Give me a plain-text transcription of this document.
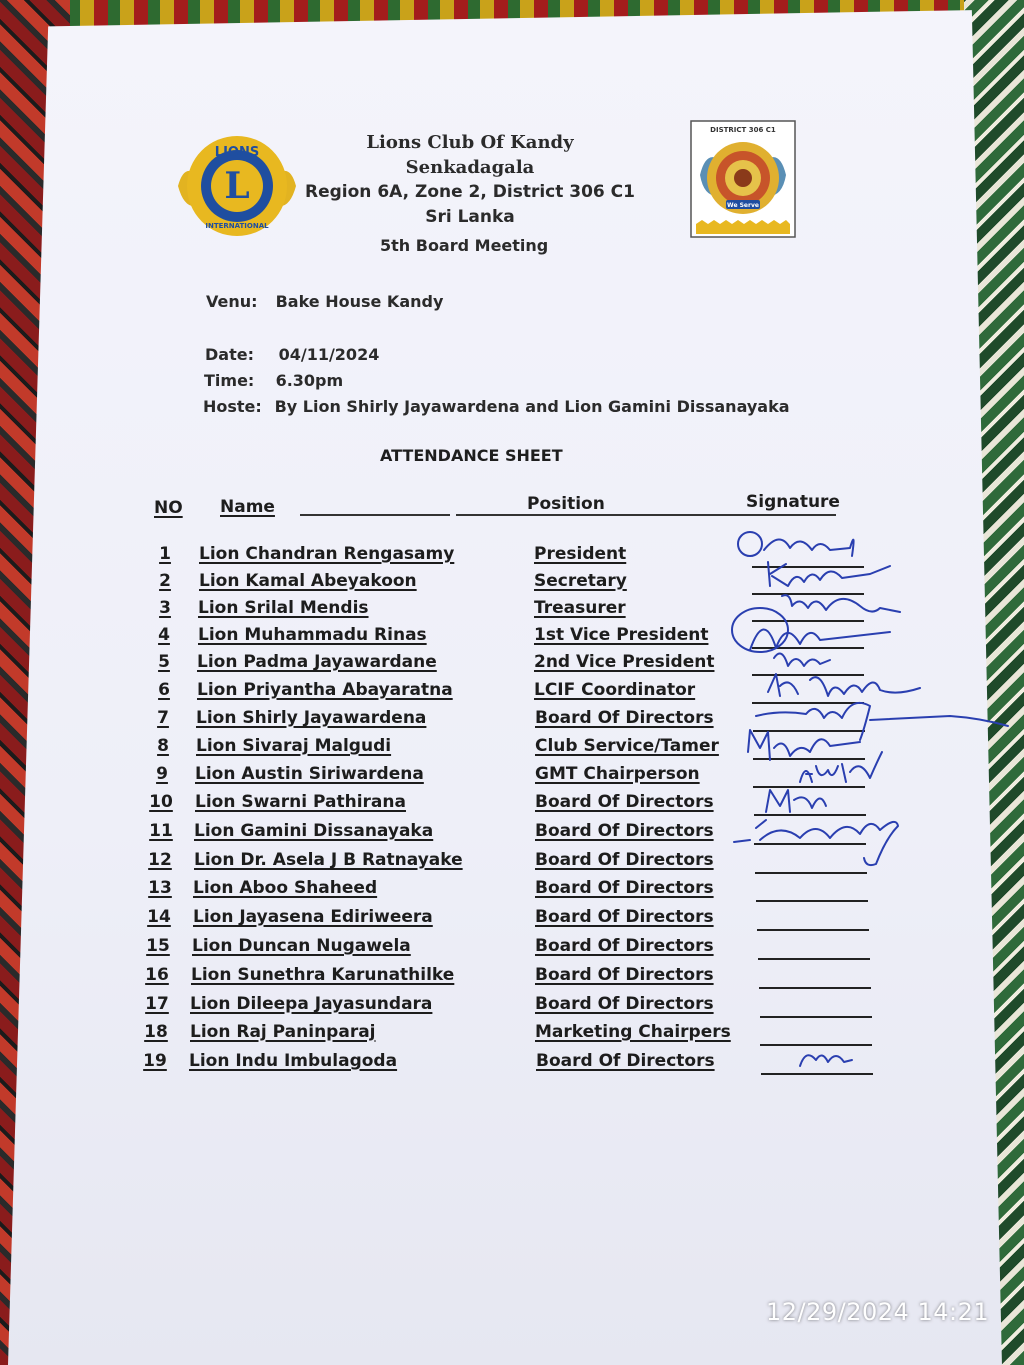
L
LIONS
INTERNATIONAL
Lions Club Of Kandy Senkadagala
Region 6A, Zone 2, District 306 C1
Sri Lanka
DISTRICT 306 C1
We Serve
5th Board Meeting
Venu: Bake House Kandy
Date: 04/11/2024
Time: 6.30pm
Hoste: By Lion Shirly Jayawardena and Lion Gamini Dissanayaka
ATTENDANCE SHEET
NO Name	Position	Signature
1	Lion Chandran Rengasamy	President
2	Lion Kamal Abeyakoon	Secretary
3	Lion Srilal Mendis	Treasurer
4	Lion Muhammadu Rinas	1st Vice President
5	Lion Padma Jayawardane	2nd Vice President
6	Lion Priyantha Abayaratna	LCIF Coordinator
7	Lion Shirly Jayawardena	Board Of Directors
8	Lion Sivaraj Malgudi	Club Service/Tamer
9	Lion Austin Siriwardena	GMT Chairperson
10 Lion Swarni Pathirana	Board Of Directors
11 Lion Gamini Dissanayaka	Board Of Directors
12 Lion Dr. Asela J B Ratnayake	Board Of Directors
13 Lion Aboo Shaheed	Board Of Directors
14 Lion Jayasena Ediriweera	Board Of Directors
15 Lion Duncan Nugawela	Board Of Directors
16 Lion Sunethra Karunathilke	Board Of Directors
17 Lion Dileepa Jayasundara	Board Of Directors
18 Lion Raj Paninparaj	Marketing Chairpers
19 Lion Indu Imbulagoda	Board Of Directors
12/29/2024 14:21
